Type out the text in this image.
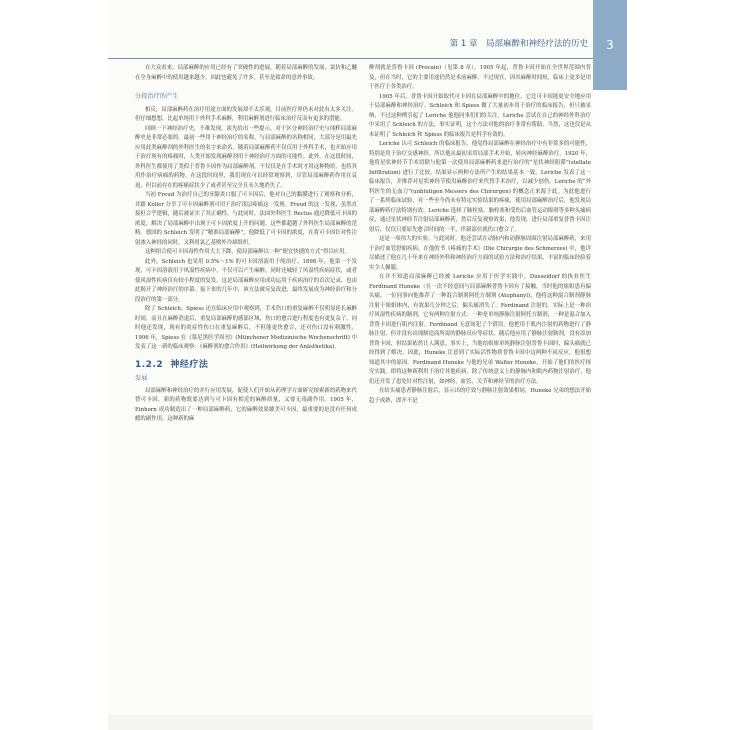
第 1 章　局部麻醉和神经疗法的历史	3

在大众看来，局部麻醉的应用已经有了突破性的进展。随着局部麻醉的发展，氯仿和乙醚在全身麻醉中的使用越来越少，因此也避免了许多，甚至是致命的意外事故。

分段治疗的产生

相反，局部麻醉药在治疗用途方面的发展却不太乐观，目前医疗界仍未对此有太多关注。但仔细想想，比起单纯用于外科手术麻醉，利用麻醉剂进行临床治疗反而有更多的潜能。

回顾一下神经治疗史，不难发现，演先给出一些提示，对于区分神经治疗史与纯粹局部麻醉史是非常必要的。最初一些用于神经治疗的名称，与局部麻醉的名称相同，大部分是用最先应用此类麻醉剂的外科医生的名字来命名。随着局部麻醉药不仅仅用于外科手术，也开始应用于治疗现有的疼痛时，人类开始发现麻醉剂用于神经治疗方面的可能性。此外，在这段时间，外科医生都使用了类似于普鲁卡因作为局部麻醉剂，不仅仅是在手术时才用这种物质，也将其用作治疗病痛的药物。在这段时间里，我们现在可以经常观察到，尽管局部麻醉药作用在哀退，但以前存在的疼痛症状少了或者甚至完全且永久地消失了。

当初 Freud 为治疗自己的牙龈炎口服了可卡因后，他对自己的黏膜进行了观察和分析，并跟 Koller 分享了可卡因麻醉剂可用于治疗浅层疼痛这一发现。Freud 的这一发现，虽然直接但合乎逻辑，随后被证实了其正确性。与此同时，法国外科医生 Reclus 通过降低可卡因的浓度，解决了局部麻醉中出现于可卡因浓度上升的问题。这些都超越了外科医生局部麻醉的范畴。德国的 Schleich 发明了“精准局部麻醉”，他降低了可卡因的浓度，在将可卡因针对性注射渗入神经的同时，又利用氯乙基喷外冷却组织。

这种组合使可卡因毒性作用大大下降，使局部麻醉以一种“便宜快捷的方式”得以应用。

此外，Schleich 也采用 0.5%～1% 的可卡因溶液用于纯治疗。1898 年，他第一个发现，可卡因溶液用于风湿性疾病中，不仅可以产生麻醉，同时还城轻了风湿性疾病症状，或者使风湿性疾病仅有较小程度的复发。这是局部麻醉应用成功运用于疾病治疗的首次记录，也由此揭开了神经治疗的序幕。接下来的几年中，该方法被反复改进，最终发展成为神经治疗和分段治疗的第一部分。

除了 Schleich、Spiess 还在临床应用中观察到，手术伤口的重复麻醉不仅明显延长麻醉时间，而且在麻醉消退后，重复局部麻醉的感部区域，伤口的愈合进行程度也有更复杂了。同时他还发现，现有的炎症性伤口在重复麻醉后，不但能更快愈合，还对伤口没有刺激性。1906 年，Spiess 在《慕尼黑医学周刊》(Münchener Medizinische Wochenschrift) 中发表了这一新的临床观察：《麻醉剂的愈合作用》(Heilwirkung der Anästhetika)。

1.2.2 神经疗法
发展

局部麻醉和神经治疗的并行应用发展，促使人们开始从药理学方面研究探索新的药物来代替可卡因，新的药物既要达到与可卡因有相近的麻醉质量，又要无毒副作用。1905 年，Einhorn 成功制造出了一种局部麻醉药，它的麻醉效果媲美可卡因，最重要的是没有任何成瘾的副作用。这种新的麻

醉剂就是普鲁卡因 (Procain)（见第 8 章）。1905 年起，普鲁卡因开始在全世界范围内普及，但在当时，它的主要用途仍然是术前麻醉，不过现在，因其麻醉时间短，临床上更多是用于医疗于各类治疗。

1905 年后，普鲁卡因开始取代可卡因在局部麻醉中的地位，它比可卡因能更安全地应用于局部麻醉和神经治疗。Schleich 和 Spiess 做了大量初步用于治疗的临床报告，但只被采纳，不过这种例引起了 Leriche 他他同事们们的关注。Leriche 尝试在自己的神经外科治疗中采用了 Schleich 的方法，事实证明，这个方法对他的治疗非常有帮助。当然，这也仅是从未证明了 Schleich 和 Spiess 的临床报告是科学有效的。

Leriche 认可 Schleich 的临床报告，他觉得局部麻醉在神经治疗中有非常多的可能性，特别是用于治疗交感神经。所以他从最初采用局部手术开始，转向神经麻醉治疗。1920 年，他将星状神经节手术切除与他第一次使用局部麻醉药来进行治疗的“星状神经阻滞”(stellate Infiltration) 进行了比较，结果显示两种方法所产生的结果基本一致。Leriche 发表了这一临床报告，并推荐对星状神经节使用麻醉治疗来代替手术治疗，以减少创伤。Leriche 的“外科医生的无血刀”(unblutigen Messers des Chirurgen) 的概念正来源于此。为此他进行了一系列临床试验，对一些至今尚未有特定实验结果的疼痛，使用局部麻醉治疗后，他发现局部麻醉药疗法特别有效。Leriche 选择了肺栓塞、脑栓塞和受伤后血管运动障碍等多种头痛病症，通过星状神经节注射局部麻醉药，然后反复观察效果，他发现，进行局部重复普鲁卡因注射后，仅仅只要原先愈合时间的一半，伴新部位就伤口愈合了。

这是一项伟大的实验。与此同时，他还尝试在动脉内和动静脉周围注射局部麻醉药，来用于治疗血管舒缩疾病。在他的书《疼痛的手术》(Die Chirurgie des Schmerzes) 中，他详尽描述了他在几十年来在神经外科和神经治疗方面的试验方法和治疗结果，丰富的临床经验着实令人佩服。

在并不知道局部麻醉已经被 Leriche 应用于医学实践中，Dusseldorf 的执业医生 Ferdinand Huneke（在一次不经意间与局部麻醉普鲁卡因有了接触，当时他的姐姐患有偏头痛，一位同事向他推荐了一种混合制剂阿托方制剂 (Atophanyl)，他将这种混合制剂静脉注射于姐姐体内，有效果几分钟之后，偏头痛消失了。Ferdinand 注射的，实际上是一种治疗风湿性疾病的制剂，它有两种注射方式：一种是单纯静脉注射阿托方制剂，一种是混合加入普鲁卡因进行肌内注射。Ferdinand 无意间犯了个错误，他把用于肌内注射的药物进行了静脉注射，但并没有出现制造商所说的静脉反应等症状。随后他应用了静脉注射制剂，没有添加普鲁卡因，但结果依然让人满意。事实上，当他给姐姐单纯静脉注射普鲁卡因时，偏头痛就已经得到了解决。因此，Huneke 注意到了实际活性物质普鲁卡因中这两种不同反应，他很想知道其中的原因。Ferdinand Huneke 与他的兄弟 Walter Huneke，开始了他们的医疗探究实践，即将这种新利用于治疗其他疾病。除了传统意义上的静脉内和肌内药物注射治疗，他们还开发了患处针对性注射，如神经、血管、关节和神经节的治疗方法。

在给头痛患者静脉注射后，显示出的疗效与静脉注射效果相同，Huneke 兄弟的想法开始趋于成熟，即开不是
